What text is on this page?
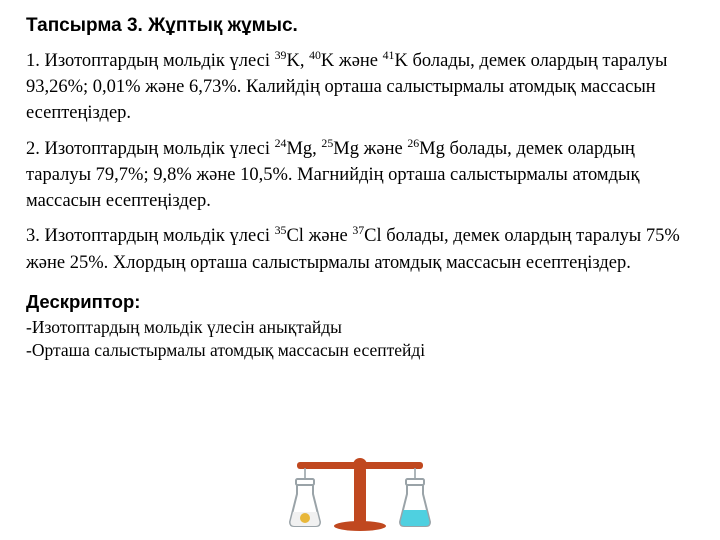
Тапсырма 3. Жұптық жұмыс.

1. Изотоптардың мольдік үлесі $^{39}$K, $^{40}$K және $^{41}$K болады, демек олардың таралуы 93,26%; 0,01% және 6,73%. Калийдің орташа салыстырмалы атомдық массасын есептеңіздер.

2. Изотоптардың мольдік үлесі $^{24}$Mg, $^{25}$Mg және $^{26}$Mg болады, демек олардың таралуы 79,7%; 9,8% және 10,5%. Магнийдің орташа салыстырмалы атомдық массасын есептеңіздер.

3. Изотоптардың мольдік үлесі $^{35}$Cl және $^{37}$Cl болады, демек олардың таралуы 75% және 25%. Хлордың орташа салыстырмалы атомдық массасын есептеңіздер.

Дескриптор:

-Изотоптардың мольдік үлесін анықтайды

-Орташа салыстырмалы атомдық массасын есептейді
